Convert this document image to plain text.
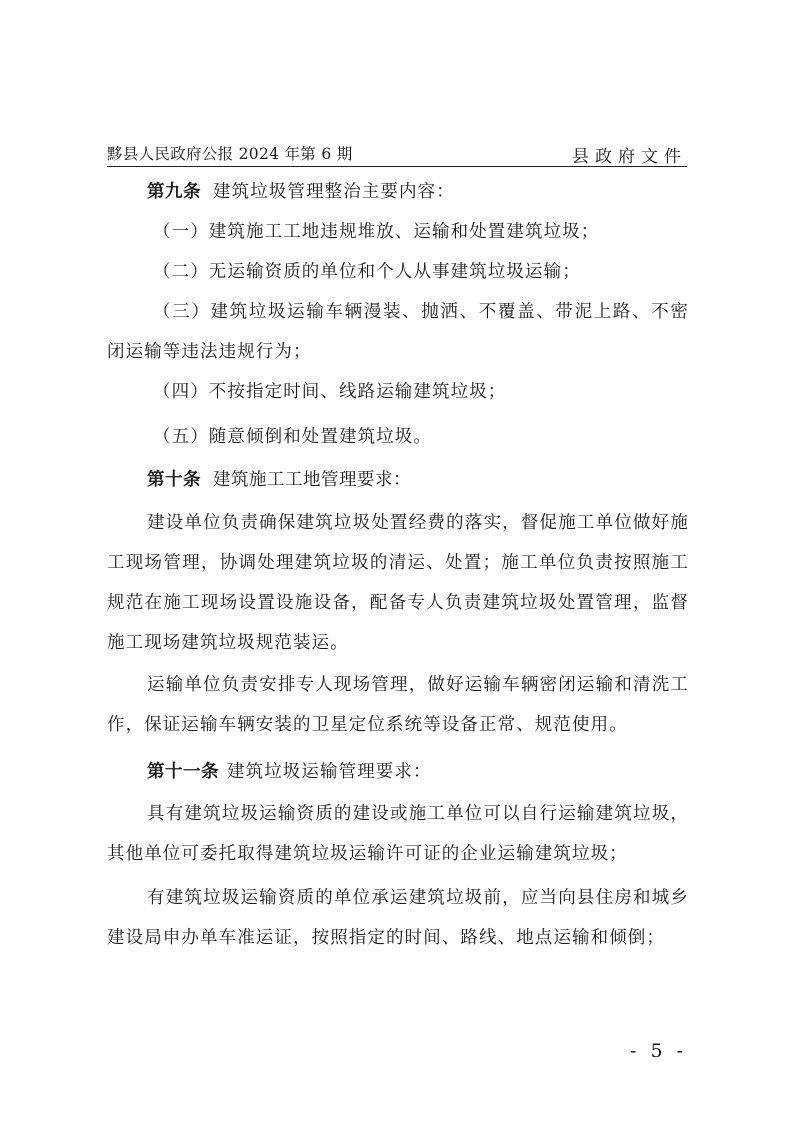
黟县人民政府公报 2024 年第 6 期	县政府文件

第九条 建筑垃圾管理整治主要内容：

（一）建筑施工工地违规堆放、运输和处置建筑垃圾；

（二）无运输资质的单位和个人从事建筑垃圾运输；

（三）建筑垃圾运输车辆漫装、抛洒、不覆盖、带泥上路、不密闭运输等违法违规行为；

（四）不按指定时间、线路运输建筑垃圾；

（五）随意倾倒和处置建筑垃圾。

第十条 建筑施工工地管理要求：

建设单位负责确保建筑垃圾处置经费的落实，督促施工单位做好施工现场管理，协调处理建筑垃圾的清运、处置；施工单位负责按照施工规范在施工现场设置设施设备，配备专人负责建筑垃圾处置管理，监督施工现场建筑垃圾规范装运。

运输单位负责安排专人现场管理，做好运输车辆密闭运输和清洗工作，保证运输车辆安装的卫星定位系统等设备正常、规范使用。

第十一条 建筑垃圾运输管理要求：

具有建筑垃圾运输资质的建设或施工单位可以自行运输建筑垃圾，其他单位可委托取得建筑垃圾运输许可证的企业运输建筑垃圾；

有建筑垃圾运输资质的单位承运建筑垃圾前，应当向县住房和城乡建设局申办单车准运证，按照指定的时间、路线、地点运输和倾倒；

- 5 -
